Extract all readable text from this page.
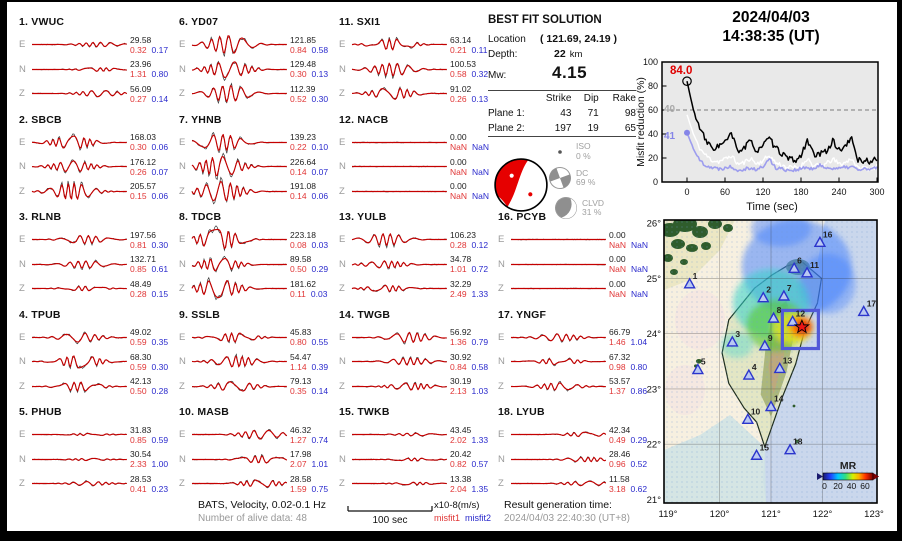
1. VWUC
E	29.58
0.32 0.17
N	23.96
1.31 0.80
Z	56.09
0.27 0.14
2. SBCB
E	168.03
0.30 0.06
N	176.12
0.26 0.07
Z	205.57
0.15 0.06
3. RLNB
E	197.56
0.81 0.30
N	132.71
0.85 0.61
Z	48.49
0.28 0.15
4. TPUB
E	49.02
0.59 0.35
N	68.30
0.59 0.30
Z	42.13
0.50 0.28
5. PHUB
E	31.83
0.85 0.59
N	30.54
2.33 1.00
Z	28.53
0.41 0.23
6. YD07
E	121.85
0.84 0.58
N	129.48
0.30 0.13
Z	112.39
0.52 0.30
7. YHNB
E	139.23
0.22 0.10
N	226.64
0.14 0.07
Z	191.08
0.14 0.06
8. TDCB
E	223.18
0.08 0.03
N	89.58
0.50 0.29
Z	181.62
0.11 0.03
9. SSLB
E	45.83
0.80 0.55
N	54.47
1.14 0.39
Z	79.13
0.35 0.14
10. MASB
E	46.32
1.27 0.74
N	17.98
2.07 1.01
Z	28.58
1.59 0.75
11. SXI1
E	63.14
0.21 0.11
N	100.53
0.58 0.32
Z	91.02
0.26 0.13
12. NACB
E	0.00
NaN NaN
N	0.00
NaN NaN
Z	0.00
NaN NaN
13. YULB
E	106.23
0.28 0.12
N	34.78
1.01 0.72
Z	32.29
2.49 1.33
14. TWGB
E	56.92
1.36 0.79
N	30.92
0.84 0.58
Z	30.19
2.13 1.03
15. TWKB
E	43.45
2.02 1.33
N	20.42
0.82 0.57
Z	13.38
2.04 1.35
16. PCYB
E	0.00
NaN NaN
N	0.00
NaN NaN
Z	0.00
NaN NaN
17. YNGF
E	66.79
1.46 1.04
N	67.32
0.98 0.80
Z	53.57
1.37 0.86
18. LYUB
E	42.34
0.49 0.29
N	28.46
0.96 0.52
Z	11.58
3.18 0.62
BEST FIT SOLUTION
Location	( 121.69, 24.19 )
Depth:	22 km
Mw:	4.15
	Strike	Dip	Rake
Plane 1:	43	71	98
Plane 2:	197	19	65
ISO
0 %
DC
69 %
CLVD
31 %
2024/04/03
14:38:35 (UT)
0
20
40
60
80
100
0	60	120	180	240	300
84.0
40
41
Misfit reduction (%)
Time (sec)
119°	120°	121°	122°	123°
26°
25°
24°
23°
22°
21°
1
2
3
4
5
6
7
8
9
10
11
12
13
14
15
16
17
18
MR
0 20 40 60
BATS, Velocity, 0.02-0.1 Hz
Number of alive data: 48	100 sec
x10-8(m/s)
misfit1 misfit2
Result generation time:
2024/04/03 22:40:30 (UT+8)
